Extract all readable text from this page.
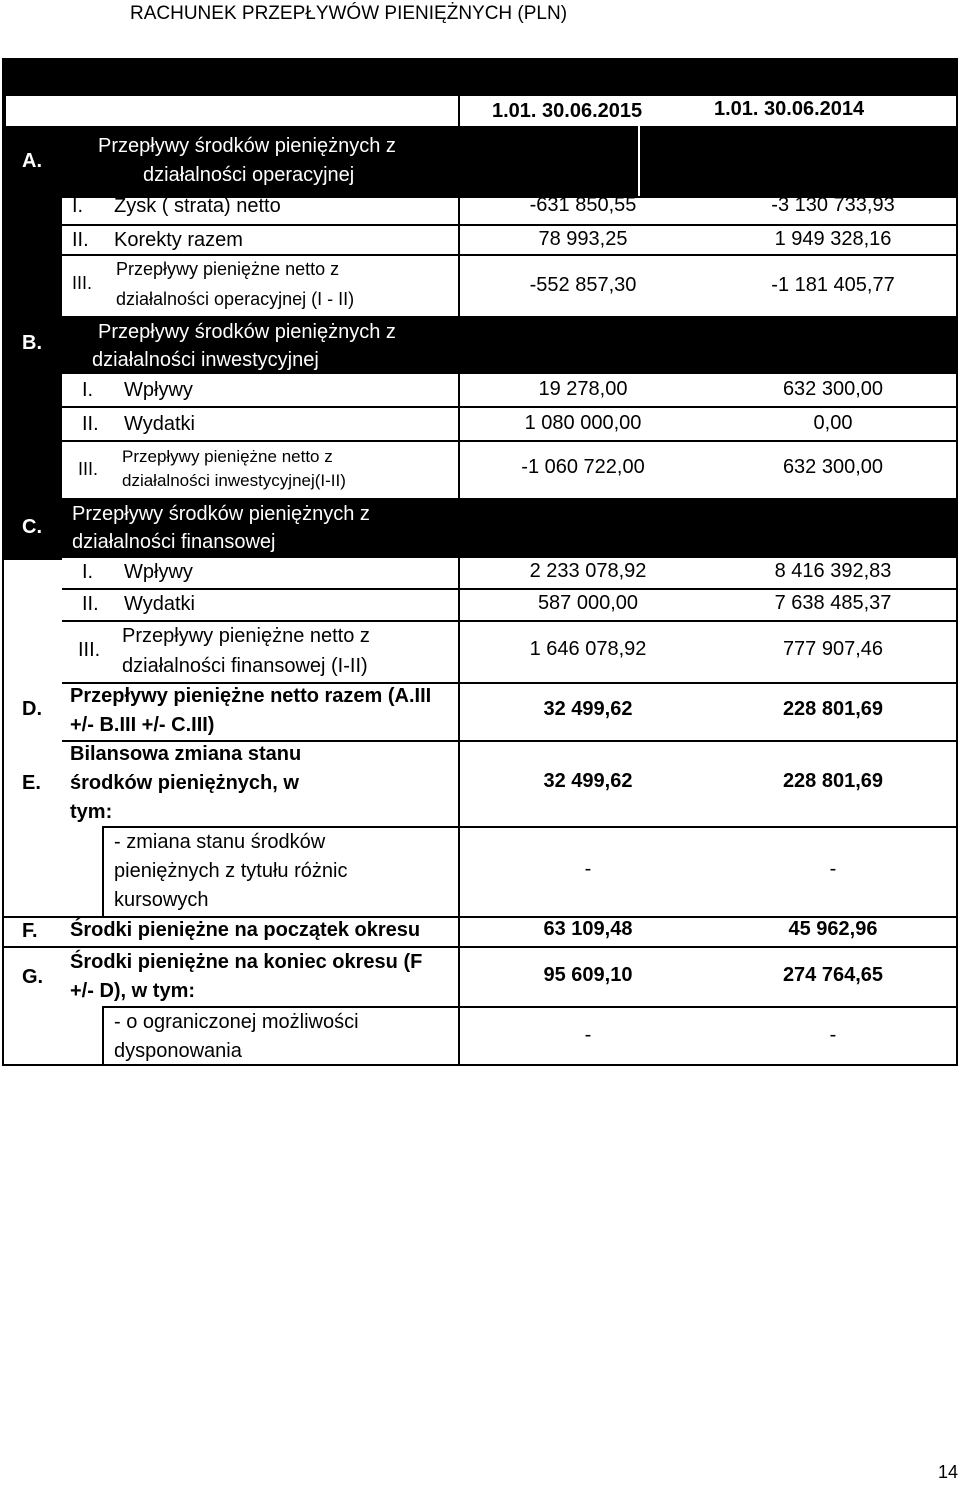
RACHUNEK PRZEPŁYWÓW PIENIĘŻNYCH (PLN)
1.01. 30.06.2015	1.01. 30.06.2014
A.
Przepływy środków pieniężnych z
działalności operacyjnej
I. Zysk ( strata) netto	-631 850,55	-3 130 733,93
II. Korekty razem	78 993,25	1 949 328,16
III.
Przepływy pieniężne netto z
działalności operacyjnej (I - II)
-552 857,30	-1 181 405,77
B.	Przepływy środków pieniężnych z
działalności inwestycyjnej
I. Wpływy	19 278,00	632 300,00
II. Wydatki	1 080 000,00	0,00
III.
Przepływy pieniężne netto z
działalności inwestycyjnej(I-II)
-1 060 722,00	632 300,00
C.
Przepływy środków pieniężnych z
działalności finansowej
I. Wpływy	2 233 078,92	8 416 392,83
II. Wydatki	587 000,00	7 638 485,37
III.
Przepływy pieniężne netto z
działalności finansowej (I-II)
1 646 078,92	777 907,46
D.
Przepływy pieniężne netto razem (A.III
+/- B.III +/- C.III)
32 499,62	228 801,69
E.
Bilansowa zmiana stanu
środków pieniężnych, w
tym:
32 499,62	228 801,69
- zmiana stanu środków
pieniężnych z tytułu różnic
kursowych
-	-
F. Środki pieniężne na początek okresu	63 109,48	45 962,96
G.
Środki pieniężne na koniec okresu (F
+/- D), w tym:
95 609,10	274 764,65
- o ograniczonej możliwości
dysponowania
-	-
14
